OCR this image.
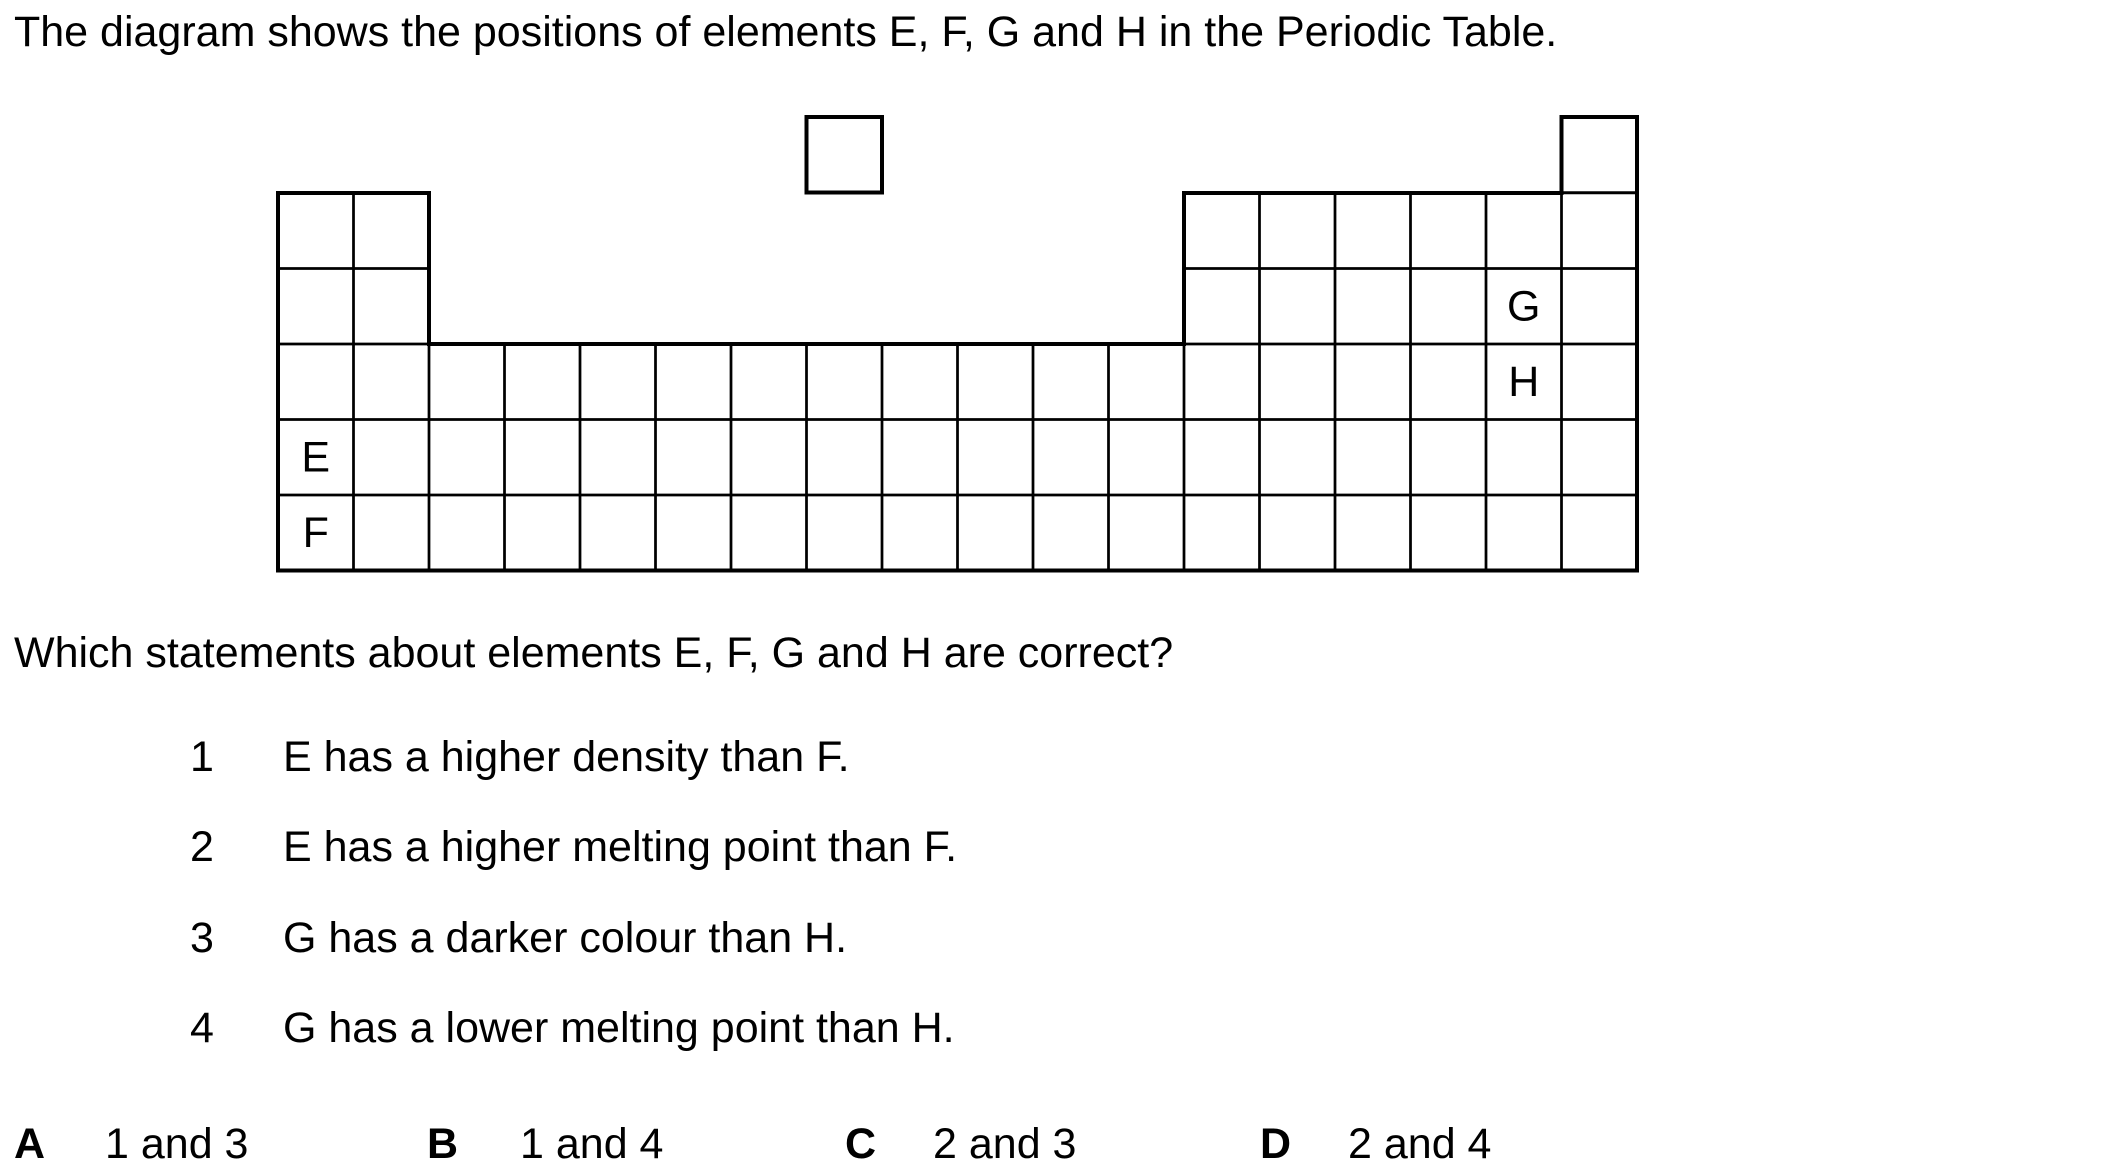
The diagram shows the positions of elements E, F, G and H in the Periodic Table.
E
F
G
H
Which statements about elements E, F, G and H are correct?
1	E has a higher density than F.
2	E has a higher melting point than F.
3	G has a darker colour than H.
4	G has a lower melting point than H.
A 1 and 3	B 1 and 4	C 2 and 3	D 2 and 4
